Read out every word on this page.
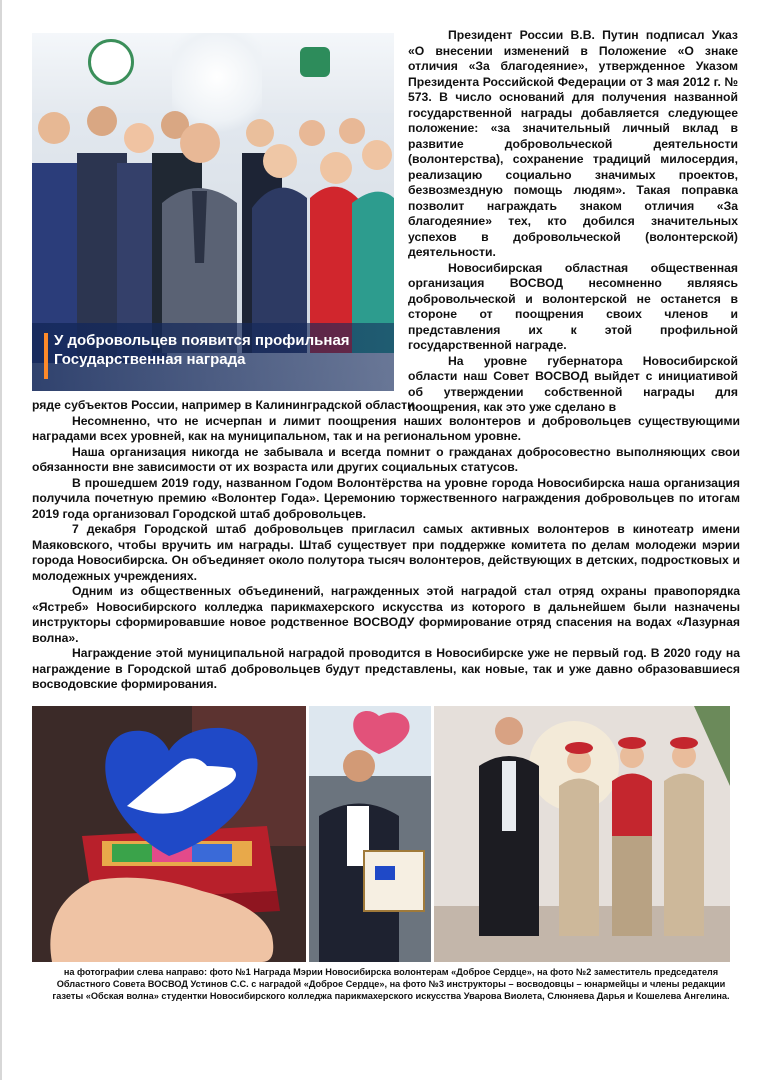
У добровольцев появится профильная Государственная награда

Президент России В.В. Путин подписал Указ «О внесении изменений в Положение «О знаке отличия «За благодеяние», утвержденное Указом Президента Российской Федерации от 3 мая 2012 г. № 573. В число оснований для получения названной государственной награды добавляется следующее положение: «за значительный личный вклад в развитие добровольческой деятельности (волонтерства), сохранение традиций милосердия, реализацию социально значимых проектов, безвозмездную помощь людям». Такая поправка позволит награждать знаком отличия «За благодеяние» тех, кто добился значительных успехов в добровольческой (волонтерской) деятельности.

Новосибирская областная общественная организация ВОСВОД несомненно являясь добровольческой и волонтерской не останется в стороне от поощрения своих членов и представления их к этой профильной государственной награде.

На уровне губернатора Новосибирской области наш Совет ВОСВОД выйдет с инициативой об утверждении собственной награды для поощрения, как это уже сделано в

ряде субъектов России, например в Калининградской области.

Несомненно, что не исчерпан и лимит поощрения наших волонтеров и добровольцев существующими наградами всех уровней, как на муниципальном, так и на региональном уровне.

Наша организация никогда не забывала и всегда помнит о гражданах добросовестно выполняющих свои обязанности вне зависимости от их возраста или других социальных статусов.

В прошедшем 2019 году, названном Годом Волонтёрства на уровне города Новосибирска наша организация получила почетную премию «Волонтер Года». Церемонию торжественного награждения добровольцев по итогам 2019 года организовал Городской штаб добровольцев.

7 декабря Городской штаб добровольцев пригласил самых активных волонтеров в кинотеатр имени Маяковского, чтобы вручить им награды. Штаб существует при поддержке комитета по делам молодежи мэрии города Новосибирска. Он объединяет около полутора тысяч волонтеров, действующих в детских, подростковых и молодежных учреждениях.

Одним из общественных объединений, награжденных этой наградой стал отряд охраны правопорядка «Ястреб» Новосибирского колледжа парикмахерского искусства из которого в дальнейшем были назначены инструкторы сформировавшие новое родственное ВОСВОДУ формирование отряд спасения на водах «Лазурная волна».

Награждение этой муниципальной наградой проводится в Новосибирске уже не первый год. В 2020 году на награждение в Городской штаб добровольцев будут представлены, как новые, так и уже давно образовавшиеся восводовские формирования.

на фотографии слева направо: фото №1 Награда Мэрии Новосибирска волонтерам «Доброе Сердце», на фото №2 заместитель председателя Областного Совета ВОСВОД Устинов С.С. с наградой «Доброе Сердце», на фото №3 инструкторы – восводовцы – юнармейцы и члены редакции газеты «Обская волна» студентки Новосибирского колледжа парикмахерского искусства Уварова Виолета, Слюняева Дарья и Кошелева Ангелина.
